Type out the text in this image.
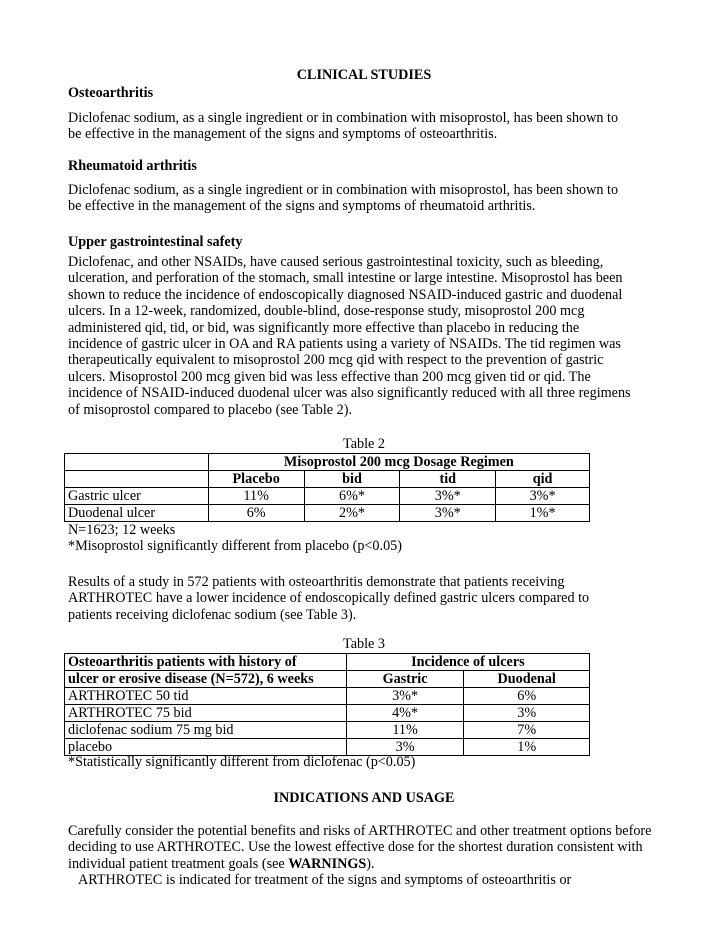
CLINICAL STUDIES
Osteoarthritis
Diclofenac sodium, as a single ingredient or in combination with misoprostol, has been shown to
be effective in the management of the signs and symptoms of osteoarthritis.
Rheumatoid arthritis
Diclofenac sodium, as a single ingredient or in combination with misoprostol, has been shown to
be effective in the management of the signs and symptoms of rheumatoid arthritis.
Upper gastrointestinal safety
Diclofenac, and other NSAIDs, have caused serious gastrointestinal toxicity, such as bleeding,
ulceration, and perforation of the stomach, small intestine or large intestine. Misoprostol has been
shown to reduce the incidence of endoscopically diagnosed NSAID-induced gastric and duodenal
ulcers. In a 12-week, randomized, double-blind, dose-response study, misoprostol 200 mcg
administered qid, tid, or bid, was significantly more effective than placebo in reducing the
incidence of gastric ulcer in OA and RA patients using a variety of NSAIDs. The tid regimen was
therapeutically equivalent to misoprostol 200 mcg qid with respect to the prevention of gastric
ulcers. Misoprostol 200 mcg given bid was less effective than 200 mcg given tid or qid. The
incidence of NSAID-induced duodenal ulcer was also significantly reduced with all three regimens
of misoprostol compared to placebo (see Table 2).
Table 2
	Misoprostol 200 mcg Dosage Regimen			
	Placebo	bid	tid	qid
Gastric ulcer	11%	6%*	3%*	3%*
Duodenal ulcer	6%	2%*	3%*	1%*
N=1623; 12 weeks
*Misoprostol significantly different from placebo (p<0.05)
Results of a study in 572 patients with osteoarthritis demonstrate that patients receiving
ARTHROTEC have a lower incidence of endoscopically defined gastric ulcers compared to
patients receiving diclofenac sodium (see Table 3).
Table 3
Osteoarthritis patients with history of	Incidence of ulcers	
ulcer or erosive disease (N=572), 6 weeks	Gastric	Duodenal
ARTHROTEC 50 tid	3%*	6%
ARTHROTEC 75 bid	4%*	3%
diclofenac sodium 75 mg bid	11%	7%
placebo	3%	1%
*Statistically significantly different from diclofenac (p<0.05)
INDICATIONS AND USAGE
Carefully consider the potential benefits and risks of ARTHROTEC and other treatment options before
deciding to use ARTHROTEC. Use the lowest effective dose for the shortest duration consistent with
individual patient treatment goals (see WARNINGS).
ARTHROTEC is indicated for treatment of the signs and symptoms of osteoarthritis or
